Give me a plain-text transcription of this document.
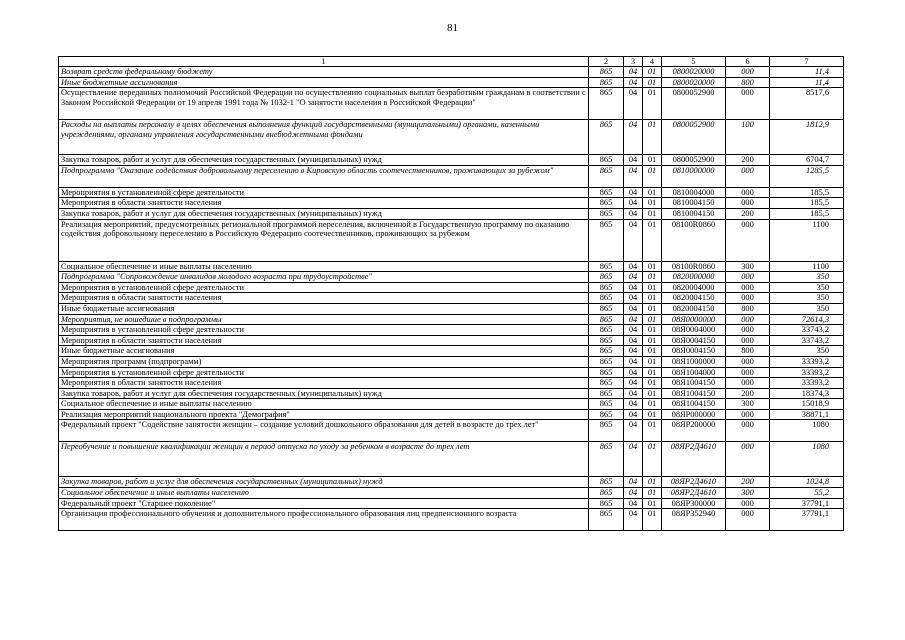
81
1	2	3	4	5	6	7
Возврат средств федеральному бюджету	865	04	01	0800020000	000	11,4
Иные бюджетные ассигнования	865	04	01	0800020000	800	11,4
Осуществление переданных полномочий Российской Федерации по осуществлению социальных выплат безработным гражданам в соответствии с Законом Российской Федерации от 19 апреля 1991 года № 1032-1 "О занятости населения в Российской Федерации"	865	04	01	0800052900	000	8517,6
Расходы на выплаты персоналу в целях обеспечения выполнения функций государственными (муниципальными) органами, казенными учреждениями, органами управления государственными внебюджетными фондами	865	04	01	0800052900	100	1812,9
Закупка товаров, работ и услуг для обеспечения государственных (муниципальных) нужд	865	04	01	0800052900	200	6704,7
Подпрограмма "Оказание содействия добровольному переселению в Кировскую область соотечественников, проживающих за рубежом"	865	04	01	0810000000	000	1285,5
Мероприятия в установленной сфере деятельности	865	04	01	0810004000	000	185,5
Мероприятия в области занятости населения	865	04	01	0810004150	000	185,5
Закупка товаров, работ и услуг для обеспечения государственных (муниципальных) нужд	865	04	01	0810004150	200	185,5
Реализация мероприятий, предусмотренных региональной программой переселения, включенной в Государственную программу по оказанию содействия добровольному переселению в Российскую Федерацию соотечественников, проживающих за рубежом	865	04	01	08100R0860	000	1100
Социальное обеспечение и иные выплаты населению	865	04	01	08100R0860	300	1100
Подпрограмма "Сопровождение инвалидов молодого возраста при трудоустройстве"	865	04	01	0820000000	000	350
Мероприятия в установленной сфере деятельности	865	04	01	0820004000	000	350
Мероприятия в области занятости населения	865	04	01	0820004150	000	350
Иные бюджетные ассигнования	865	04	01	0820004150	800	350
Мероприятия, не вошедшие в подпрограммы	865	04	01	08Я0000000	000	72614,3
Мероприятия в установленной сфере деятельности	865	04	01	08Я0004000	000	33743,2
Мероприятия в области занятости населения	865	04	01	08Я0004150	000	33743,2
Иные бюджетные ассигнования	865	04	01	08Я0004150	800	350
Мероприятия программ (подпрограмм)	865	04	01	08Я1000000	000	33393,2
Мероприятия в установленной сфере деятельности	865	04	01	08Я1004000	000	33393,2
Мероприятия в области занятости населения	865	04	01	08Я1004150	000	33393,2
Закупка товаров, работ и услуг для обеспечения государственных (муниципальных) нужд	865	04	01	08Я1004150	200	18374,3
Социальное обеспечение и иные выплаты населению	865	04	01	08Я1004150	300	15018,9
Реализация мероприятий национального проекта "Демография"	865	04	01	08ЯР000000	000	38871,1
Федеральный проект "Содействие занятости женщин – создание условий дошкольного образования для детей в возрасте до трех лет"	865	04	01	08ЯР200000	000	1080
Переобучение и повышение квалификации женщин в период отпуска по уходу за ребенком в возрасте до трех лет	865	04	01	08ЯР2Д4610	000	1080
Закупка товаров, работ и услуг для обеспечения государственных (муниципальных) нужд	865	04	01	08ЯР2Д4610	200	1024,8
Социальное обеспечение и иные выплаты населению	865	04	01	08ЯР2Д4610	300	55,2
Федеральный проект "Старшее поколение"	865	04	01	08ЯР300000	000	37791,1
Организация профессионального обучения и дополнительного профессионального образования лиц предпенсионного возраста	865	04	01	08ЯР352940	000	37791,1
